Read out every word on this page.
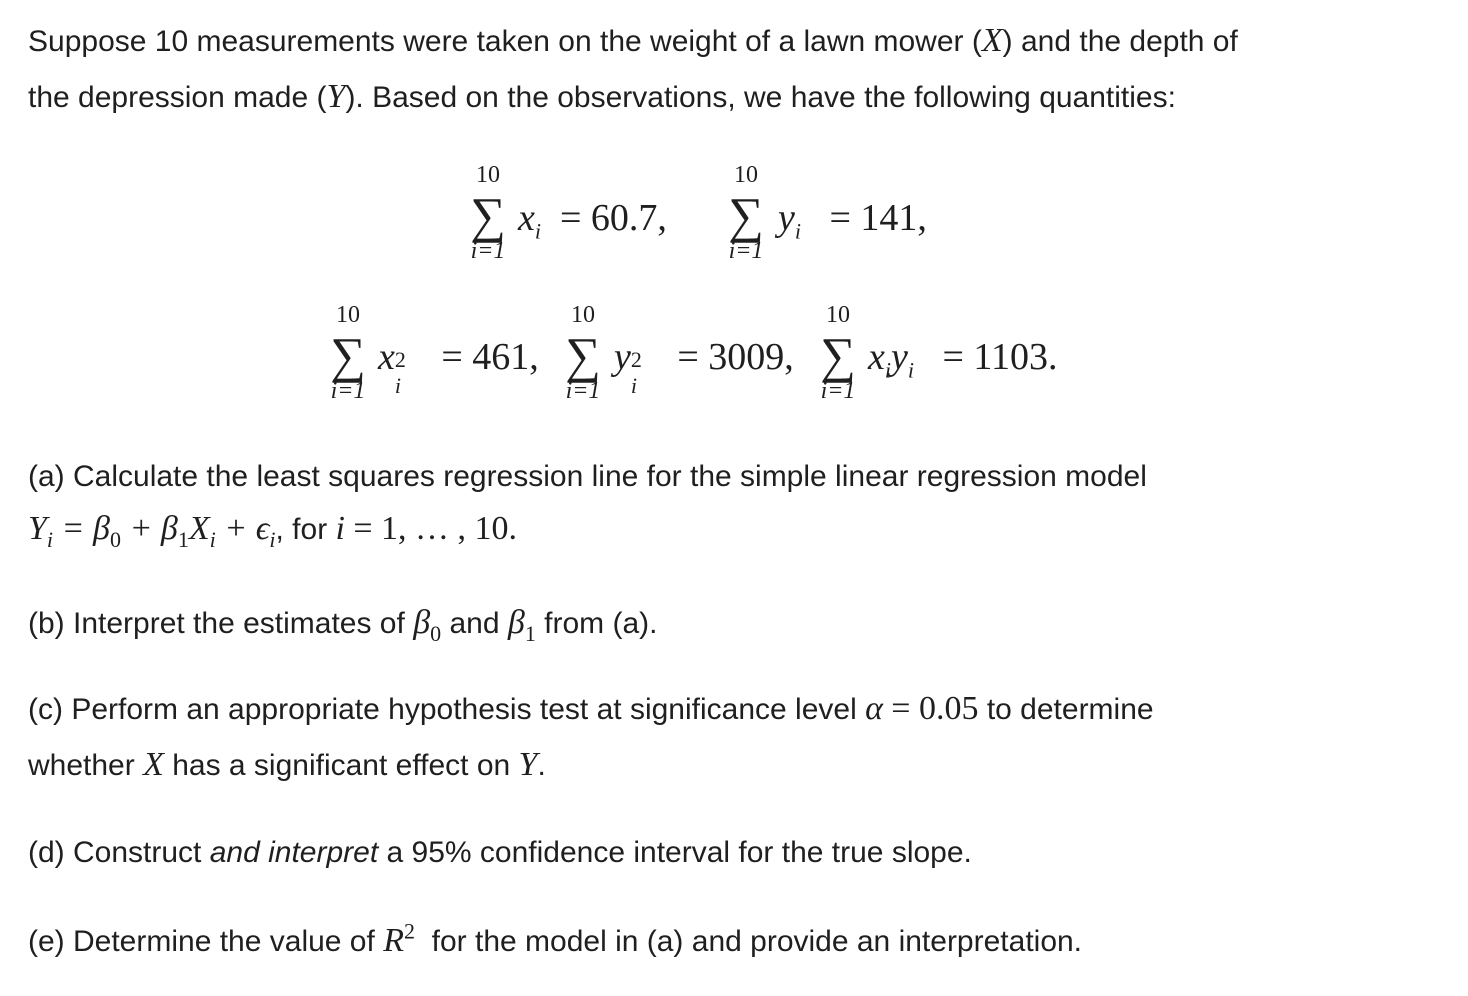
Suppose 10 measurements were taken on the weight of a lawn mower (X) and the depth of
the depression made (Y). Based on the observations, we have the following quantities:
10
∑
i=1
$x_i = 60.7$,
10
∑
i=1
$y_i = 141$,
10
∑
i=1
x 2
i
= 461,
10
∑
i=1
y 2
i
= 3009,
10
∑
i=1
$x_iy_i = 1103$.
(a) Calculate the least squares regression line for the simple linear regression model
$Y_i = \beta_0 + \beta_1X_i + \epsilon_i$, for i = 1, … , 10.
(b) Interpret the estimates of $\beta_0$ and $\beta_1$ from (a).
(c) Perform an appropriate hypothesis test at significance level α = 0.05 to determine
whether X has a significant effect on Y.
(d) Construct and interpret a 95% confidence interval for the true slope.
(e) Determine the value of $R^2$ for the model in (a) and provide an interpretation.
